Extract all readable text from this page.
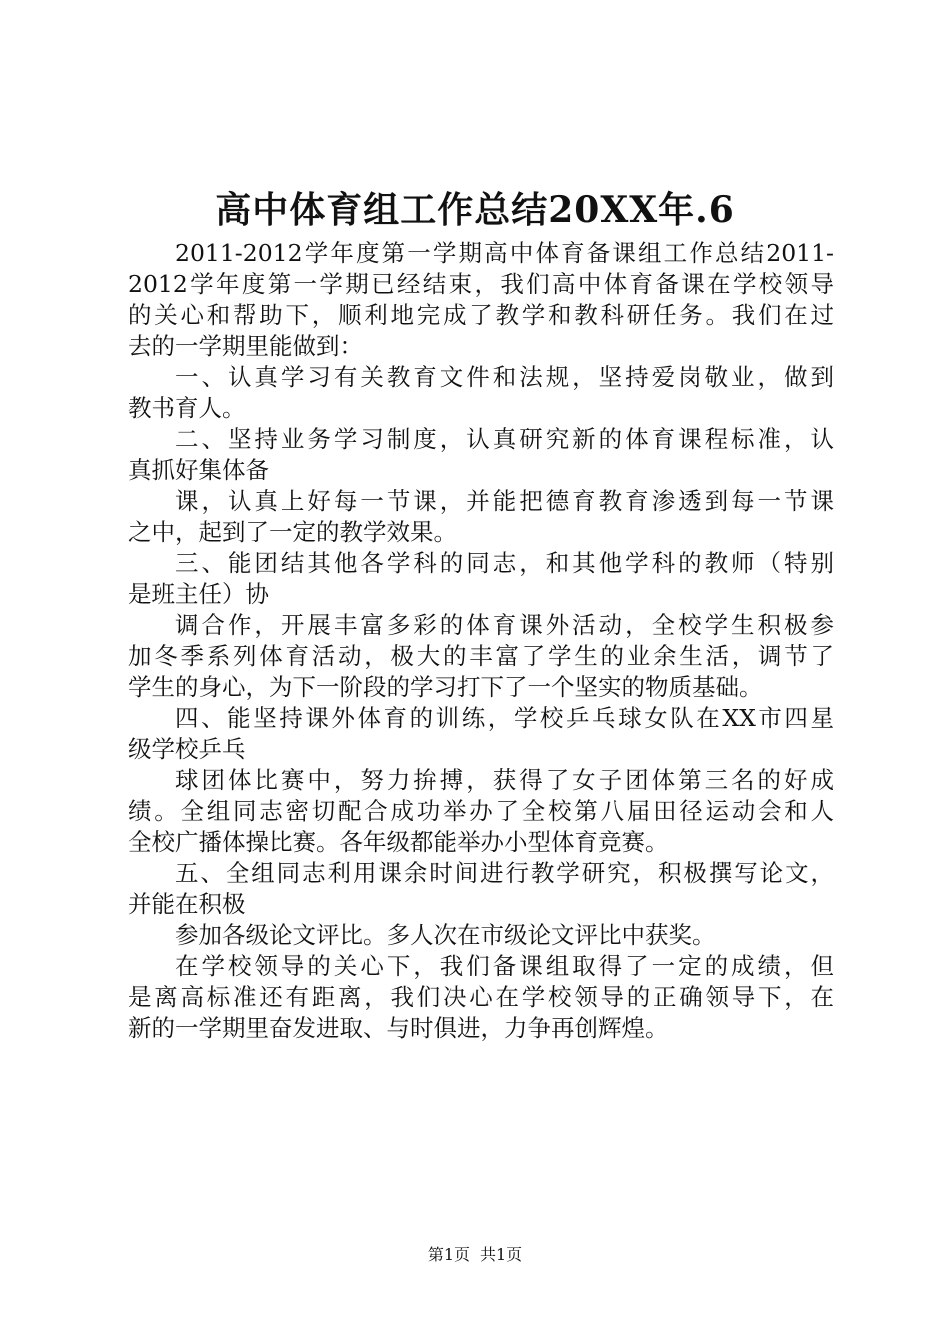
高中体育组工作总结20XX年.6
2011-2012学年度第一学期高中体育备课组工作总结2011-
2012学年度第一学期已经结束，我们高中体育备课在学校领导
的关心和帮助下，顺利地完成了教学和教科研任务。我们在过
去的一学期里能做到：
一、认真学习有关教育文件和法规，坚持爱岗敬业，做到
教书育人。
二、坚持业务学习制度，认真研究新的体育课程标准，认
真抓好集体备
课，认真上好每一节课，并能把德育教育渗透到每一节课
之中，起到了一定的教学效果。
三、能团结其他各学科的同志，和其他学科的教师（特别
是班主任）协
调合作，开展丰富多彩的体育课外活动，全校学生积极参
加冬季系列体育活动，极大的丰富了学生的业余生活，调节了
学生的身心，为下一阶段的学习打下了一个坚实的物质基础。
四、能坚持课外体育的训练，学校乒乓球女队在XX市四星
级学校乒乓
球团体比赛中，努力拚搏，获得了女子团体第三名的好成
绩。全组同志密切配合成功举办了全校第八届田径运动会和人
全校广播体操比赛。各年级都能举办小型体育竞赛。
五、全组同志利用课余时间进行教学研究，积极撰写论文，
并能在积极
参加各级论文评比。多人次在市级论文评比中获奖。
在学校领导的关心下，我们备课组取得了一定的成绩，但
是离高标准还有距离，我们决心在学校领导的正确领导下，在
新的一学期里奋发进取、与时俱进，力争再创辉煌。
第1页 共1页
